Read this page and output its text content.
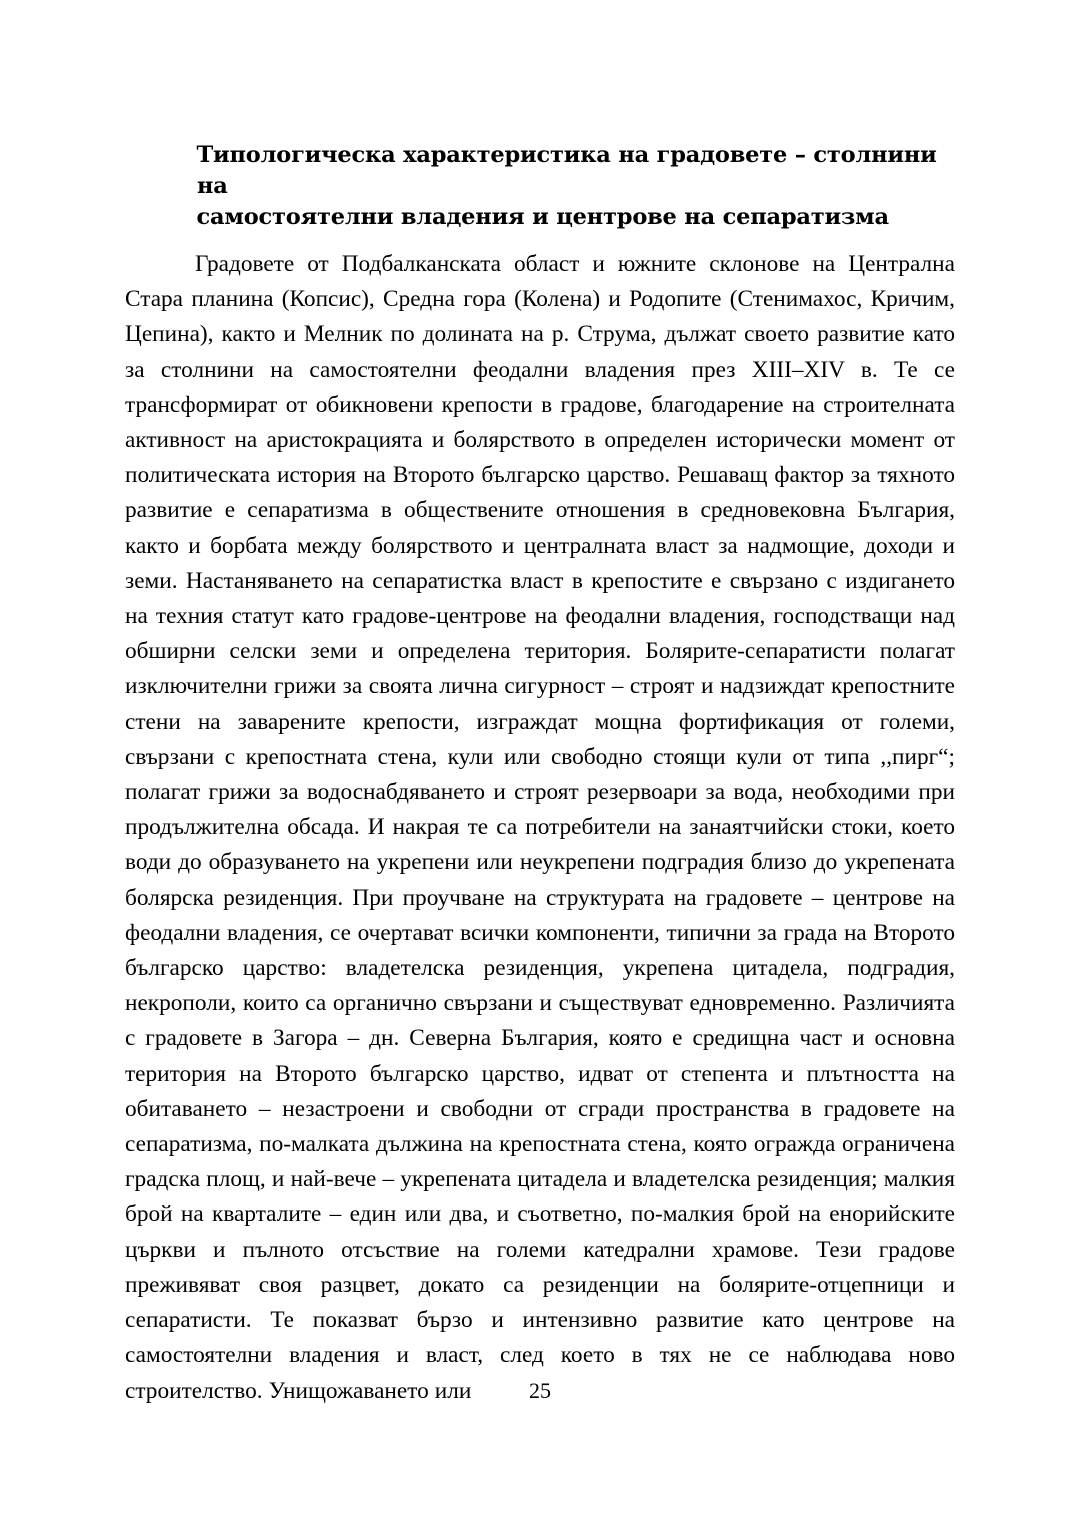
Типологическа характеристика на градовете – столнини на
самостоятелни владения и центрове на сепаратизма

Градовете от Подбалканската област и южните склонове на Централна Стара планина (Копсис), Средна гора (Колена) и Родопите (Стенимахос, Кричим, Цепина), както и Мелник по долината на р. Струма, дължат своето развитие като за столнини на самостоятелни феодални владения през XIII–XIV в. Те се трансформират от обикновени крепости в градове, благодарение на строителната активност на аристокрацията и болярството в определен исторически момент от политическата история на Второто българско царство. Решаващ фактор за тяхното развитие е сепаратизма в обществените отношения в средновековна България, както и борбата между болярството и централната власт за надмощие, доходи и земи. Настаняването на сепаратистка власт в крепостите е свързано с издигането на техния статут като градове-центрове на феодални владения, господстващи над обширни селски земи и определена територия. Болярите-сепаратисти полагат изключителни грижи за своята лична сигурност – строят и надзиждат крепостните стени на заварените крепости, изграждат мощна фортификация от големи, свързани с крепостната стена, кули или свободно стоящи кули от типа ,,пирг“; полагат грижи за водоснабдяването и строят резервоари за вода, необходими при продължителна обсада. И накрая те са потребители на занаятчийски стоки, което води до образуването на укрепени или неукрепени подградия близо до укрепената болярска резиденция. При проучване на структурата на градовете – центрове на феодални владения, се очертават всички компоненти, типични за града на Второто българско царство: владетелска резиденция, укрепена цитадела, подградия, некрополи, които са органично свързани и съществуват едновременно. Различията с градовете в Загора – дн. Северна България, която е средищна част и основна територия на Второто българско царство, идват от степента и плътността на обитаването – незастроени и свободни от сгради пространства в градовете на сепаратизма, по-малката дължина на крепостната стена, която огражда ограничена градска площ, и най-вече – укрепената цитадела и владетелска резиденция; малкия брой на кварталите – един или два, и съответно, по-малкия брой на енорийските църкви и пълното отсъствие на големи катедрални храмове. Тези градове преживяват своя разцвет, докато са резиденции на болярите-отцепници и сепаратисти. Те показват бързо и интензивно развитие като центрове на самостоятелни владения и власт, след което в тях не се наблюдава ново строителство. Унищожаването или	25
